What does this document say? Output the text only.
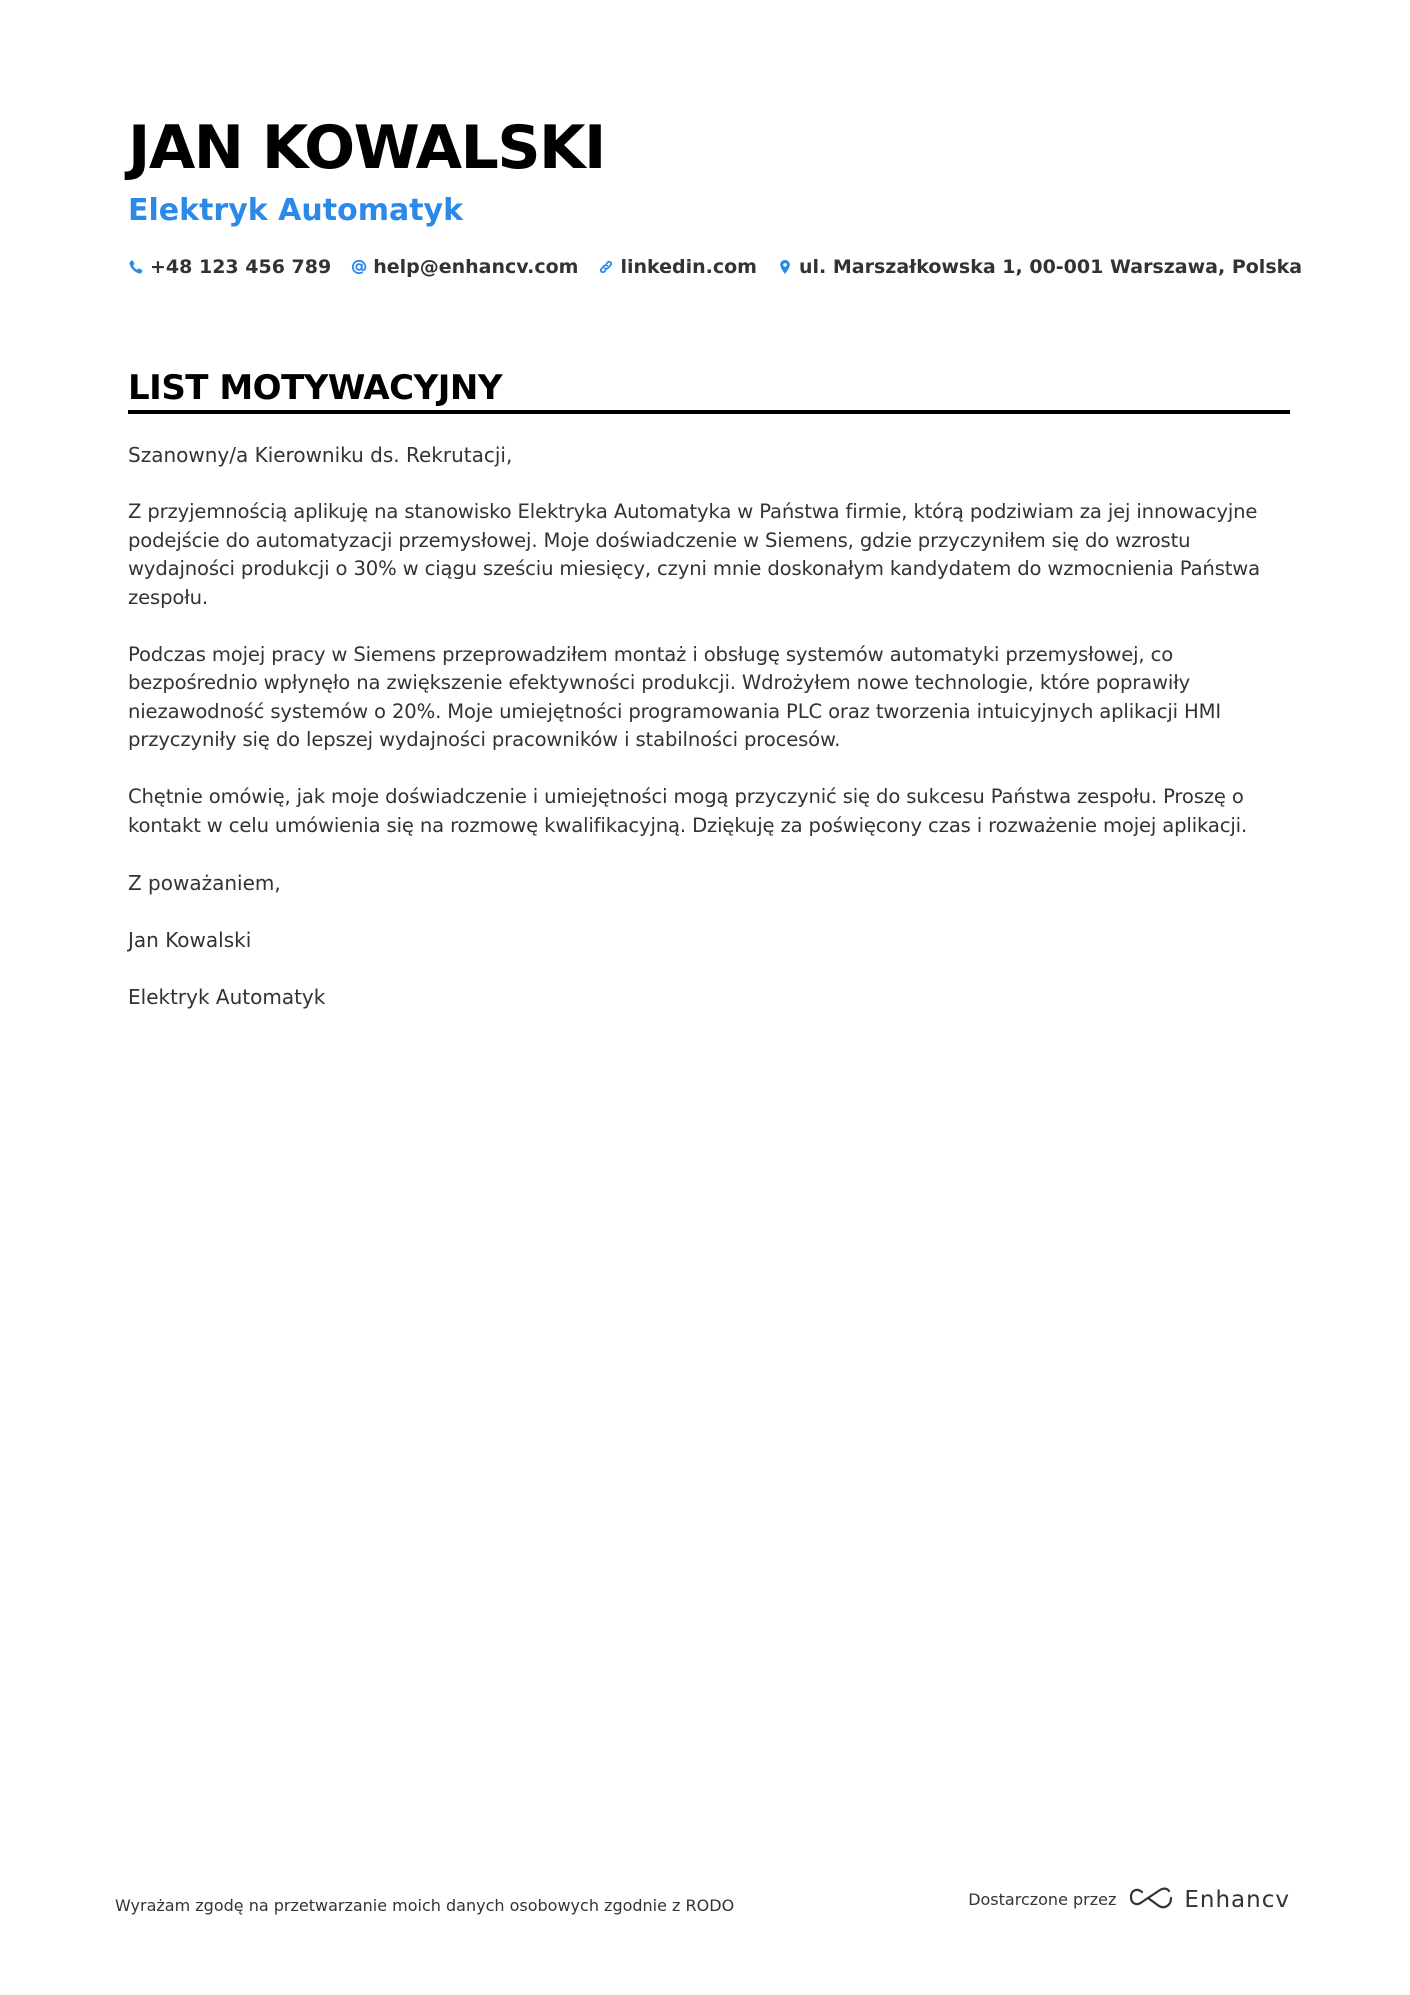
JAN KOWALSKI
Elektryk Automatyk
+48 123 456 789 help@enhancv.com linkedin.com ul. Marszałkowska 1, 00-001 Warszawa, Polska
LIST MOTYWACYJNY

Szanowny/a Kierowniku ds. Rekrutacji,

Z przyjemnością aplikuję na stanowisko Elektryka Automatyka w Państwa firmie, którą podziwiam za jej innowacyjne podejście do automatyzacji przemysłowej. Moje doświadczenie w Siemens, gdzie przyczyniłem się do wzrostu wydajności produkcji o 30% w ciągu sześciu miesięcy, czyni mnie doskonałym kandydatem do wzmocnienia Państwa zespołu.

Podczas mojej pracy w Siemens przeprowadziłem montaż i obsługę systemów automatyki przemysłowej, co bezpośrednio wpłynęło na zwiększenie efektywności produkcji. Wdrożyłem nowe technologie, które poprawiły niezawodność systemów o 20%. Moje umiejętności programowania PLC oraz tworzenia intuicyjnych aplikacji HMI przyczyniły się do lepszej wydajności pracowników i stabilności procesów.

Chętnie omówię, jak moje doświadczenie i umiejętności mogą przyczynić się do sukcesu Państwa zespołu. Proszę o kontakt w celu umówienia się na rozmowę kwalifikacyjną. Dziękuję za poświęcony czas i rozważenie mojej aplikacji.

Z poważaniem,

Jan Kowalski

Elektryk Automatyk

Wyrażam zgodę na przetwarzanie moich danych osobowych zgodnie z RODO	Dostarczone przez	Enhancv
